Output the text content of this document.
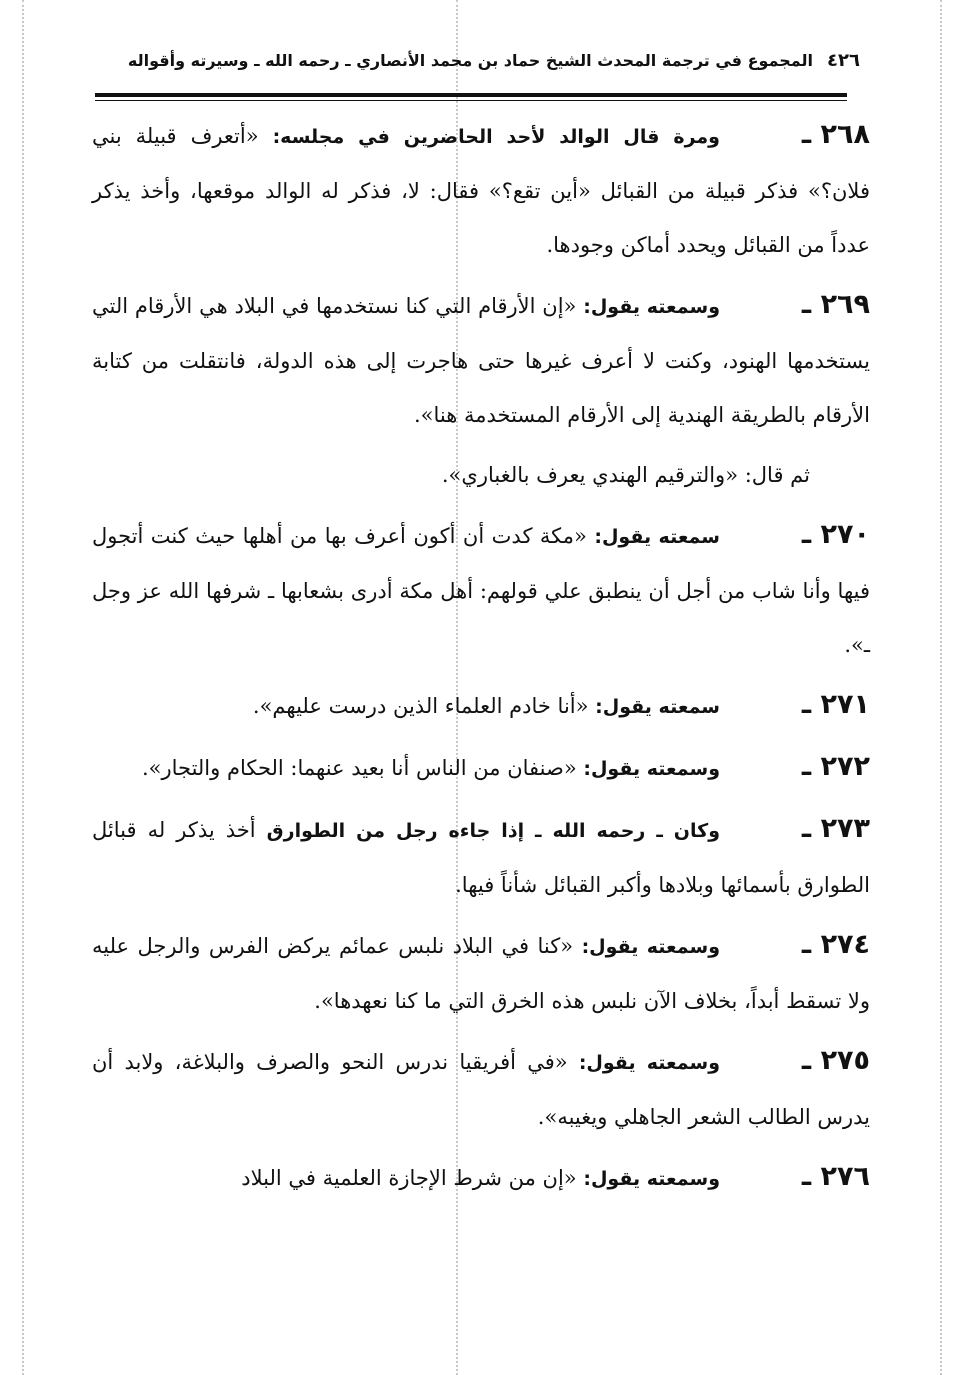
٤٢٦
المجموع في ترجمة المحدث الشيخ حماد بن محمد الأنصاري ـ رحمه الله ـ وسيرته وأقواله

٢٦٨ ـومرة قال الوالد لأحد الحاضرين في مجلسه: «أتعرف قبيلة بني فلان؟» فذكر قبيلة من القبائل «أين تقع؟» فقال: لا، فذكر له الوالد موقعها، وأخذ يذكر عدداً من القبائل ويحدد أماكن وجودها.

٢٦٩ ـوسمعته يقول: «إن الأرقام التي كنا نستخدمها في البلاد هي الأرقام التي يستخدمها الهنود، وكنت لا أعرف غيرها حتى هاجرت إلى هذه الدولة، فانتقلت من كتابة الأرقام بالطريقة الهندية إلى الأرقام المستخدمة هنا».

ثم قال: «والترقيم الهندي يعرف بالغباري».

٢٧٠ ـسمعته يقول: «مكة كدت أن أكون أعرف بها من أهلها حيث كنت أتجول فيها وأنا شاب من أجل أن ينطبق علي قولهم: أهل مكة أدرى بشعابها ـ شرفها الله عز وجل ـ».

٢٧١ ـسمعته يقول: «أنا خادم العلماء الذين درست عليهم».

٢٧٢ ـوسمعته يقول: «صنفان من الناس أنا بعيد عنهما: الحكام والتجار».

٢٧٣ ـوكان ـ رحمه الله ـ إذا جاءه رجل من الطوارق أخذ يذكر له قبائل الطوارق بأسمائها وبلادها وأكبر القبائل شأناً فيها.

٢٧٤ ـوسمعته يقول: «كنا في البلاد نلبس عمائم يركض الفرس والرجل عليه ولا تسقط أبداً، بخلاف الآن نلبس هذه الخرق التي ما كنا نعهدها».

٢٧٥ ـوسمعته يقول: «في أفريقيا ندرس النحو والصرف والبلاغة، ولابد أن يدرس الطالب الشعر الجاهلي ويغيبه».

٢٧٦ ـوسمعته يقول: «إن من شرط الإجازة العلمية في البلاد
